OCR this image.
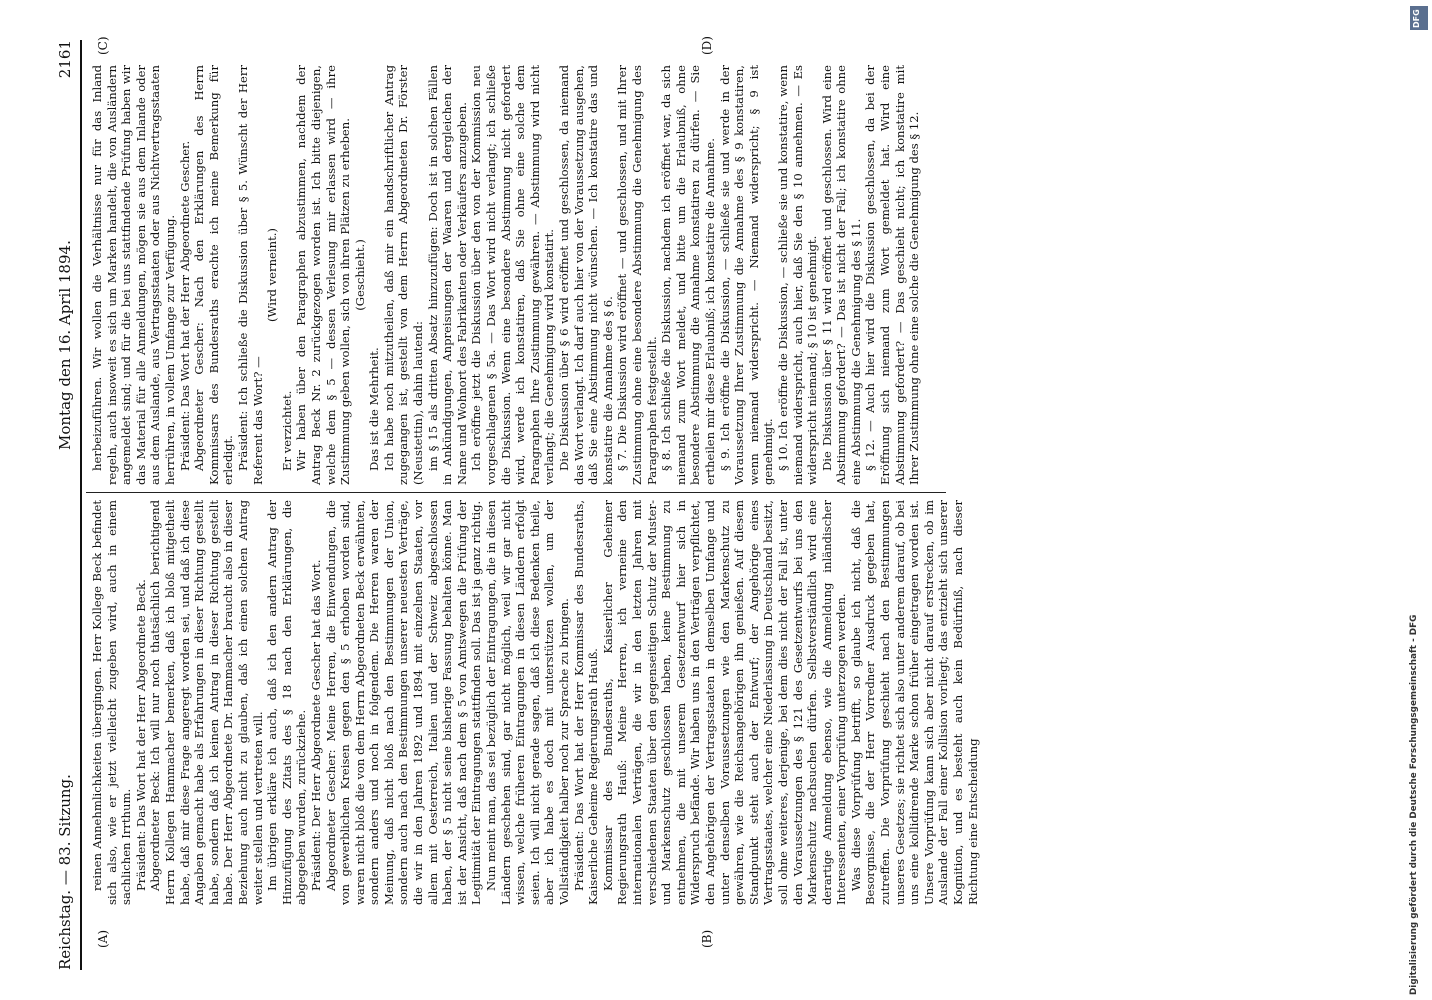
Reichstag. — 83. Sitzung.
Montag den 16. April 1894.
2161
(A)	(B)
(C)	(D)

reinen Annehmlichkeiten übergingen. Herr Kollege Beck befindet sich also, wie er jetzt vielleicht zugeben wird, auch in einem sachlichen Irrthum. Präsident: Das Wort hat der Herr Abgeordnete Beck. Abgeordneter Beck: Ich will nur noch thatsächlich berichtigend Herrn Kollegen Hammacher bemerken, daß ich bloß mitgetheilt habe, daß mir diese Frage angeregt worden sei, und daß ich diese Angaben gemacht habe als Erfahrungen in dieser Richtung gestellt habe, sondern daß ich keinen Antrag in dieser Richtung gestellt habe. Der Herr Abgeordnete Dr. Hammacher braucht also in dieser Beziehung auch nicht zu glauben, daß ich einen solchen Antrag weiter stellen und vertreten will. Im übrigen erkläre ich auch, daß ich den andern Antrag der Hinzufügung des Zitats des § 18 nach den Erklärungen, die abgegeben wurden, zurückziehe. Präsident: Der Herr Abgeordnete Gescher hat das Wort. Abgeordneter Gescher: Meine Herren, die Einwendungen, die von gewerblichen Kreisen gegen den § 5 erhoben worden sind, waren nicht bloß die von dem Herrn Abgeordneten Beck erwähnten, sondern anders und noch in folgendem. Die Herren waren der Meinung, daß nicht bloß nach den Bestimmungen der Union, sondern auch nach den Bestimmungen unserer neuesten Verträge, die wir in den Jahren 1892 und 1894 mit einzelnen Staaten, vor allem mit Oesterreich, Italien und der Schweiz abgeschlossen haben, der § 5 nicht seine bisherige Fassung behalten könne. Man ist der Ansicht, daß nach dem § 5 von Amtswegen die Prüfung der Legitimität der Eintragungen stattfinden soll. Das ist ja ganz richtig. Nun meint man, das sei bezüglich der Eintragungen, die in diesen Ländern geschehen sind, gar nicht möglich, weil wir gar nicht wissen, welche früheren Eintragungen in diesen Ländern erfolgt seien. Ich will nicht gerade sagen, daß ich diese Bedenken theile, aber ich habe es doch mit unterstützen wollen, um der Vollständigkeit halber noch zur Sprache zu bringen. Präsident: Das Wort hat der Herr Kommissar des Bundesraths, Kaiserliche Geheime Regierungsrath Hauß. Kommissar des Bundesraths, Kaiserlicher Geheimer Regierungsrath Hauß: Meine Herren, ich verneine den internationalen Verträgen, die wir in den letzten Jahren mit verschiedenen Staaten über den gegenseitigen Schutz der Muster- und Markenschutz geschlossen haben, keine Bestimmung zu entnehmen, die mit unserem Gesetzentwurf hier sich in Widerspruch befände. Wir haben uns in den Verträgen verpflichtet, den Angehörigen der Vertragsstaaten in demselben Umfange und unter denselben Voraussetzungen wie den Markenschutz zu gewähren, wie die Reichsangehörigen ihn genießen. Auf diesem Standpunkt steht auch der Entwurf; der Angehörige eines Vertragsstaates, welcher eine Niederlassung in Deutschland besitzt, soll ohne weiteres, derjenige, bei dem dies nicht der Fall ist, unter den Voraussetzungen des § 121 des Gesetzentwurfs bei uns den Markenschutz nachsuchen dürfen. Selbstverständlich wird eine derartige Anmeldung ebenso, wie die Anmeldung inländischer Interessenten, einer Vorprüfung unterzogen werden. Was diese Vorprüfung betrifft, so glaube ich nicht, daß die Besorgnisse, die der Herr Vorredner Ausdruck gegeben hat, zutreffen. Die Vorprüfung geschieht nach den Bestimmungen unseres Gesetzes; sie richtet sich also unter anderem darauf, ob bei uns eine kollidirende Marke schon früher eingetragen worden ist. Unsere Vorprüfung kann sich aber nicht darauf erstrecken, ob im Auslande der Fall einer Kollision vorliegt; das entzieht sich unserer Kognition, und es besteht auch kein Bedürfniß, nach dieser Richtung eine Entscheidung

herbeizuführen. Wir wollen die Verhältnisse nur für das Inland regeln, auch insoweit es sich um Marken handelt, die von Ausländern angemeldet sind; und für die bei uns stattfindende Prüfung haben wir das Material für alle Anmeldungen, mögen sie aus dem Inlande oder aus dem Auslande, aus Vertragsstaaten oder aus Nichtvertragsstaaten herrühren, in vollem Umfange zur Verfügung. Präsident: Das Wort hat der Herr Abgeordnete Gescher. Abgeordneter Gescher: Nach den Erklärungen des Herrn Kommissars des Bundesraths erachte ich meine Bemerkung für erledigt. Präsident: Ich schließe die Diskussion über § 5. Wünscht der Herr Referent das Wort? —

(Wird verneint.)

Er verzichtet. Wir haben über den Paragraphen abzustimmen, nachdem der Antrag Beck Nr. 2 zurückgezogen worden ist. Ich bitte diejenigen, welche dem § 5 — dessen Verlesung mir erlassen wird — ihre Zustimmung geben wollen, sich von ihren Plätzen zu erheben. (Geschieht.)

Das ist die Mehrheit. Ich habe noch mitzutheilen, daß mir ein handschriftlicher Antrag zugegangen ist, gestellt von dem Herrn Abgeordneten Dr. Förster (Neustettin), dahin lautend: im § 15 als dritten Absatz hinzuzufügen: Doch ist in solchen Fällen in Ankündigungen, Anpreisungen der Waaren und dergleichen der Name und Wohnort des Fabrikanten oder Verkäufers anzugeben. Ich eröffne jetzt die Diskussion über den von der Kommission neu vorgeschlagenen § 5a. — Das Wort wird nicht verlangt; ich schließe die Diskussion. Wenn eine besondere Abstimmung nicht gefordert wird, werde ich konstatiren, daß Sie ohne eine solche dem Paragraphen Ihre Zustimmung gewähren. — Abstimmung wird nicht verlangt; die Genehmigung wird konstatirt. Die Diskussion über § 6 wird eröffnet und geschlossen, da niemand das Wort verlangt. Ich darf auch hier von der Voraussetzung ausgehen, daß Sie eine Abstimmung nicht wünschen. — Ich konstatire das und konstatire die Annahme des § 6. § 7. Die Diskussion wird eröffnet — und geschlossen, und mit Ihrer Zustimmung ohne eine besondere Abstimmung die Genehmigung des Paragraphen festgestellt. § 8. Ich schließe die Diskussion, nachdem ich eröffnet war, da sich niemand zum Wort meldet, und bitte um die Erlaubniß, ohne besondere Abstimmung die Annahme konstatiren zu dürfen. — Sie ertheilen mir diese Erlaubniß; ich konstatire die Annahme. § 9. Ich eröffne die Diskussion, — schließe sie und werde in der Voraussetzung Ihrer Zustimmung die Annahme des § 9 konstatiren, wenn niemand widerspricht. — Niemand widerspricht; § 9 ist genehmigt. § 10. Ich eröffne die Diskussion, — schließe sie und konstatire, wenn niemand widerspricht, auch hier, daß Sie den § 10 annehmen. — Es widerspricht niemand; § 10 ist genehmigt. Die Diskussion über § 11 wird eröffnet und geschlossen. Wird eine Abstimmung gefordert? — Das ist nicht der Fall; ich konstatire ohne eine Abstimmung die Genehmigung des § 11. § 12. — Auch hier wird die Diskussion geschlossen, da bei der Eröffnung sich niemand zum Wort gemeldet hat. Wird eine Abstimmung gefordert? — Das geschieht nicht; ich konstatire mit Ihrer Zustimmung ohne eine solche die Genehmigung des § 12.

Digitalisierung gefördert durch die Deutsche Forschungsgemeinschaft - DFG
DFG
